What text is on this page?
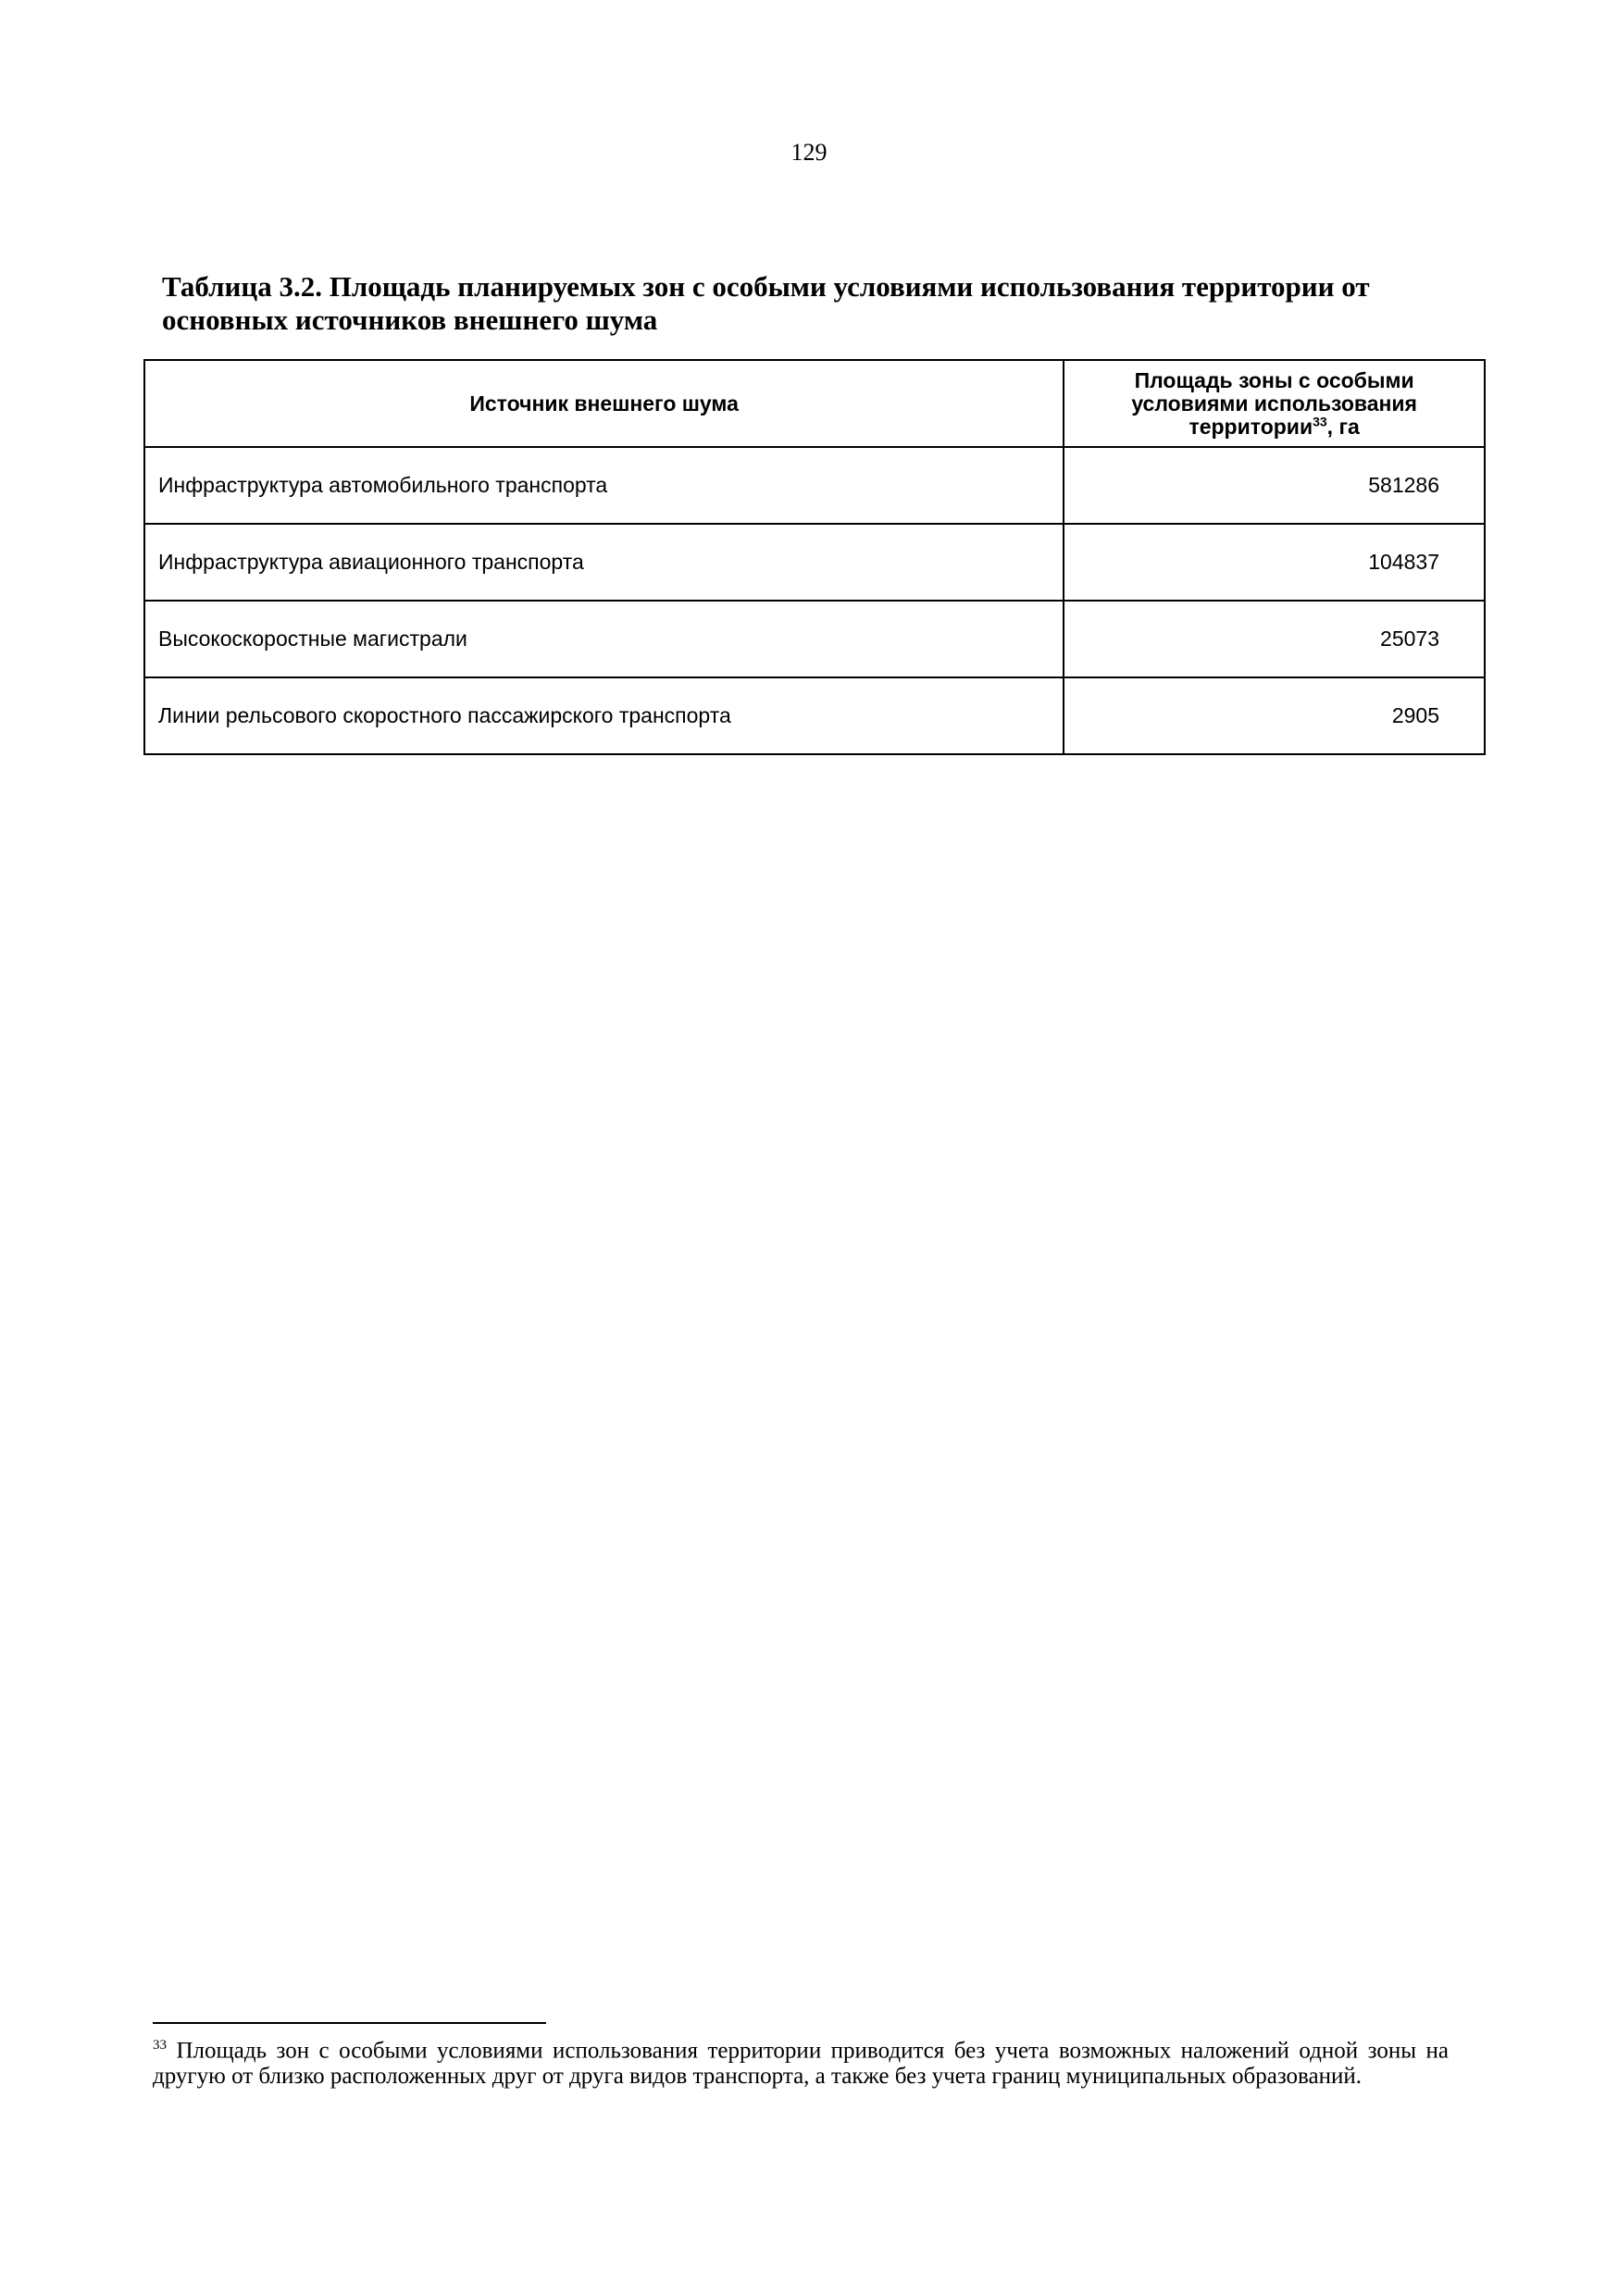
129
Таблица 3.2. Площадь планируемых зон с особыми условиями использования территории от основных источников внешнего шума
Источник внешнего шума	Площадь зоны с особыми условиями использования территории$^{33}$, га
Инфраструктура автомобильного транспорта	581286
Инфраструктура авиационного транспорта	104837
Высокоскоростные магистрали	25073
Линии рельсового скоростного пассажирского транспорта	2905

$^{33}$ Площадь зон с особыми условиями использования территории приводится без учета возможных наложений одной зоны на другую от близко расположенных друг от друга видов транспорта, а также без учета границ муниципальных образований.
